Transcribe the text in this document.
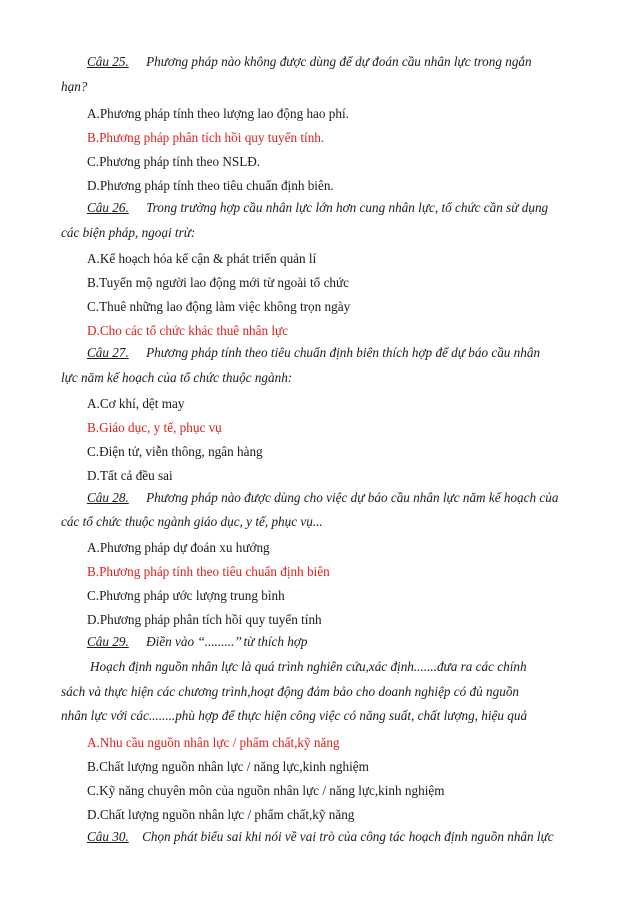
Câu 25. Phương pháp nào không được dùng để dự đoán cầu nhân lực trong ngắn
hạn?
A.Phương pháp tính theo lượng lao động hao phí.
B.Phương pháp phân tích hồi quy tuyến tính.
C.Phương pháp tính theo NSLĐ.
D.Phương pháp tính theo tiêu chuẩn định biên.
Câu 26. Trong trường hợp cầu nhân lực lớn hơn cung nhân lực, tổ chức cần sử dụng
các biện pháp, ngoại trừ:
A.Kế hoạch hóa kế cận & phát triển quản lí
B.Tuyển mộ người lao động mới từ ngoài tổ chức
C.Thuê những lao động làm việc không trọn ngày
D.Cho các tổ chức khác thuê nhân lực
Câu 27. Phương pháp tính theo tiêu chuẩn định biên thích hợp để dự báo cầu nhân
lực năm kế hoạch của tổ chức thuộc ngành:
A.Cơ khí, dệt may
B.Giáo dục, y tế, phục vụ
C.Điện tử, viễn thông, ngân hàng
D.Tất cả đều sai
Câu 28. Phương pháp nào được dùng cho việc dự báo cầu nhân lực năm kế hoạch của
các tổ chức thuộc ngành giáo dục, y tế, phục vụ...
A.Phương pháp dự đoán xu hướng
B.Phương pháp tính theo tiêu chuẩn định biên
C.Phương pháp ước lượng trung bình
D.Phương pháp phân tích hồi quy tuyến tính
Câu 29. Điền vào ‘‘.........’’ từ thích hợp
Hoạch định nguồn nhân lực là quá trình nghiên cứu,xác định.......đưa ra các chính
sách và thực hiện các chương trình,hoạt động đảm bảo cho doanh nghiệp có đủ nguồn
nhân lực với các........phù hợp để thực hiện công việc có năng suất, chất lượng, hiệu quả
A.Nhu cầu nguồn nhân lực / phẩm chất,kỹ năng
B.Chất lượng nguồn nhân lực / năng lực,kinh nghiệm
C.Kỹ năng chuyên môn của nguồn nhân lực / năng lực,kinh nghiệm
D.Chất lượng nguồn nhân lực / phẩm chất,kỹ năng
Câu 30. Chọn phát biểu sai khi nói về vai trò của công tác hoạch định nguồn nhân lực
